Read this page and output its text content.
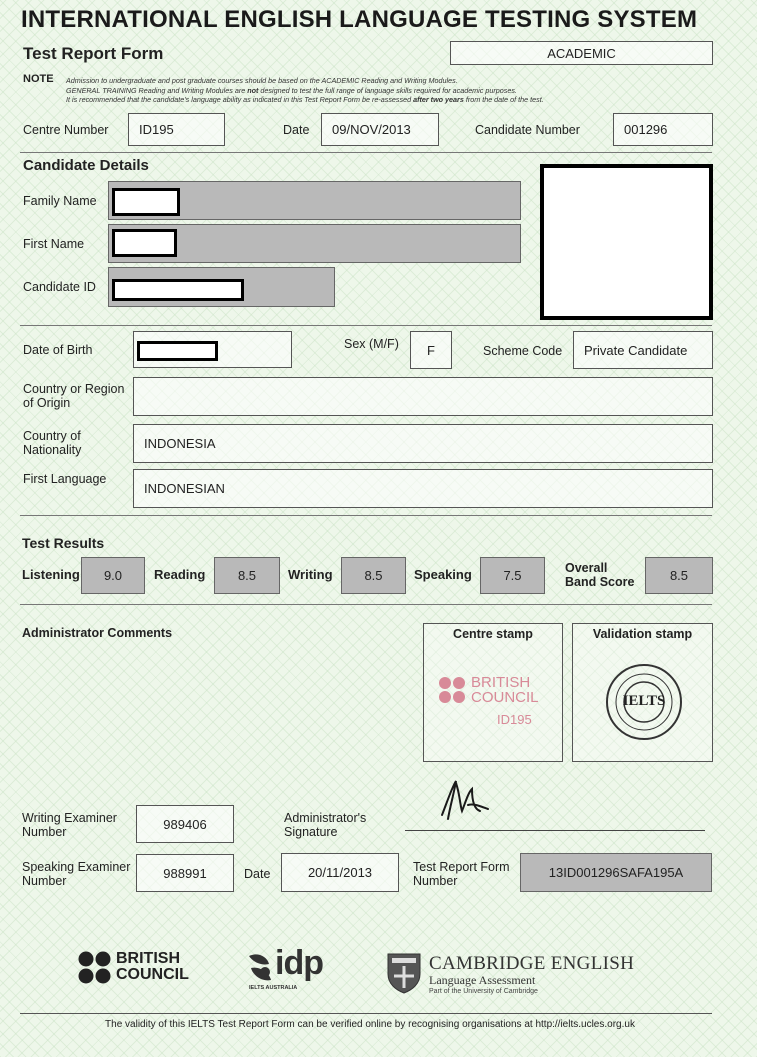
INTERNATIONAL ENGLISH LANGUAGE TESTING SYSTEM
Test Report Form	ACADEMIC
NOTE Admission to undergraduate and post graduate courses should be based on the ACADEMIC Reading and Writing Modules.
GENERAL TRAINING Reading and Writing Modules are not designed to test the full range of language skills required for academic purposes.
It is recommended that the candidate's language ability as indicated in this Test Report Form be re-assessed after two years from the date of the test.
Centre Number	ID195	Date	09/NOV/2013	Candidate Number	001296
Candidate Details
Family Name
First Name
Candidate ID
Date of Birth	Sex (M/F)	F	Scheme Code	Private Candidate
Country or Region
of Origin
Country of
Nationality	INDONESIA
First Language
INDONESIAN
Test Results
Listening	9.0	Reading	8.5	Writing	8.5	Speaking	7.5	Overall
Band Score	8.5
Administrator Comments	Centre stamp
BRITISH
COUNCIL
ID195
Validation stamp
IELTS
Writing Examiner
Number
989406	Administrator's
Signature
Speaking Examiner
Number
988991	Date	20/11/2013	Test Report Form
Number
13ID001296SAFA195A
BRITISH
COUNCIL	idp
IELTS AUSTRALIA
CAMBRIDGE ENGLISH
Language Assessment
Part of the University of Cambridge
The validity of this IELTS Test Report Form can be verified online by recognising organisations at http://ielts.ucles.org.uk
